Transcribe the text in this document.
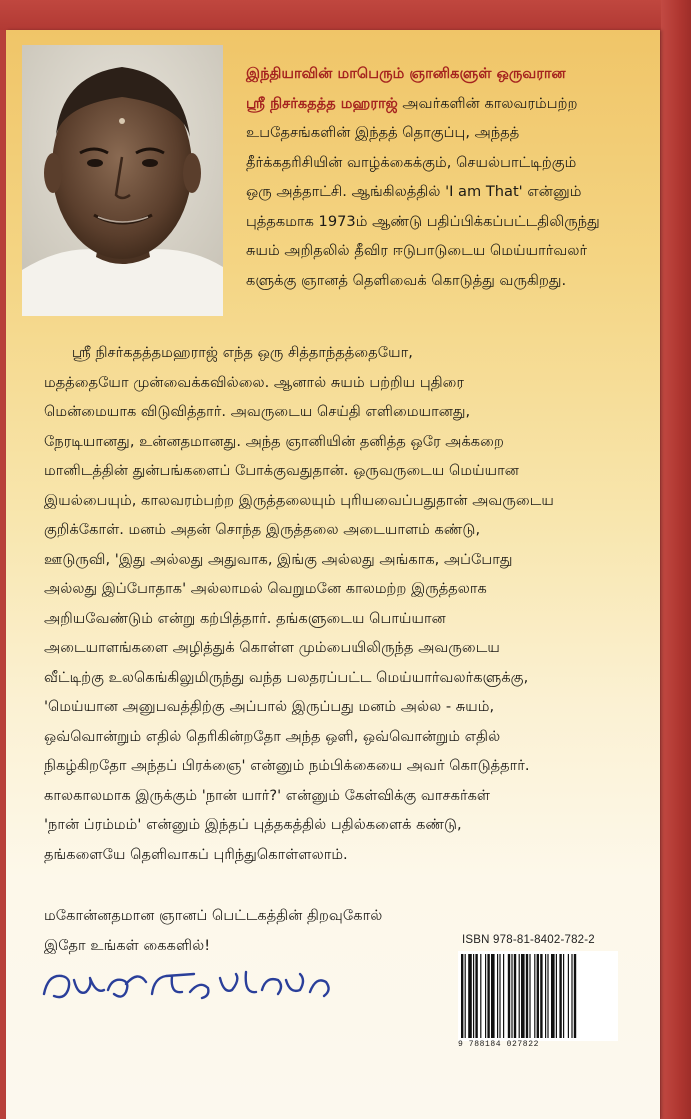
இந்தியாவின் மாபெரும் ஞானிகளுள் ஒருவரான
ஸ்ரீ நிசர்கதத்த மஹராஜ் அவர்களின் காலவரம்பற்ற
உபதேசங்களின் இந்தத் தொகுப்பு, அந்தத்
தீர்க்கதரிசியின் வாழ்க்கைக்கும், செயல்பாட்டிற்கும்
ஒரு அத்தாட்சி. ஆங்கிலத்தில் 'I am That' என்னும்
புத்தகமாக 1973ம் ஆண்டு பதிப்பிக்கப்பட்டதிலிருந்து
சுயம் அறிதலில் தீவிர ஈடுபாடுடைய மெய்யார்வலர்
களுக்கு ஞானத் தெளிவைக் கொடுத்து வருகிறது.
ஸ்ரீ நிசர்கதத்தமஹராஜ் எந்த ஒரு சித்தாந்தத்தையோ,
மதத்தையோ முன்வைக்கவில்லை. ஆனால் சுயம் பற்றிய புதிரை
மென்மையாக விடுவித்தார். அவருடைய செய்தி எளிமையானது,
நேரடியானது, உன்னதமானது. அந்த ஞானியின் தனித்த ஒரே அக்கறை
மானிடத்தின் துன்பங்களைப் போக்குவதுதான். ஒருவருடைய மெய்யான
இயல்பையும், காலவரம்பற்ற இருத்தலையும் புரியவைப்பதுதான் அவருடைய
குறிக்கோள். மனம் அதன் சொந்த இருத்தலை அடையாளம் கண்டு,
ஊடுருவி, 'இது அல்லது அதுவாக, இங்கு அல்லது அங்காக, அப்போது
அல்லது இப்போதாக' அல்லாமல் வெறுமனே காலமற்ற இருத்தலாக
அறியவேண்டும் என்று கற்பித்தார். தங்களுடைய பொய்யான
அடையாளங்களை அழித்துக் கொள்ள மும்பையிலிருந்த அவருடைய
வீட்டிற்கு உலகெங்கிலுமிருந்து வந்த பலதரப்பட்ட மெய்யார்வலர்களுக்கு,
'மெய்யான அனுபவத்திற்கு அப்பால் இருப்பது மனம் அல்ல - சுயம்,
ஒவ்வொன்றும் எதில் தெரிகின்றதோ அந்த ஒளி, ஒவ்வொன்றும் எதில்
நிகழ்கிறதோ அந்தப் பிரக்ஞை' என்னும் நம்பிக்கையை அவர் கொடுத்தார்.
காலகாலமாக இருக்கும் 'நான் யார்?' என்னும் கேள்விக்கு வாசகர்கள்
'நான் ப்ரம்மம்' என்னும் இந்தப் புத்தகத்தில் பதில்களைக் கண்டு,
தங்களையே தெளிவாகப் புரிந்துகொள்ளலாம்.
மகோன்னதமான ஞானப் பெட்டகத்தின் திறவுகோல்
இதோ உங்கள் கைகளில்!	ISBN 978-81-8402-782-2
9 788184 027822
கண்ணதாசன் பதிப்பகம்
